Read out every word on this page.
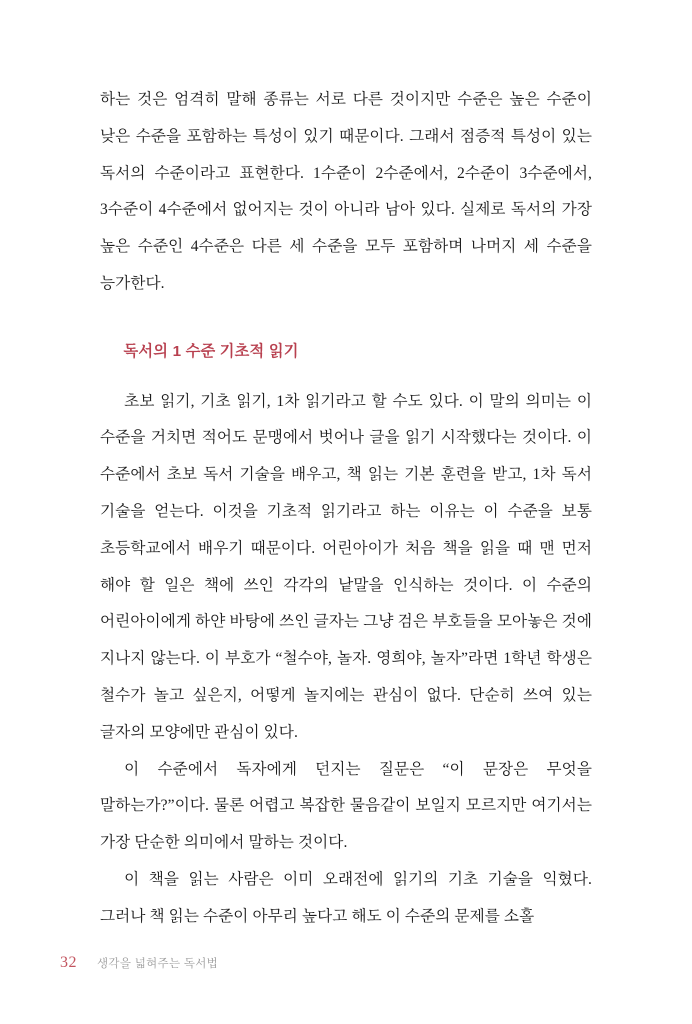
하는 것은 엄격히 말해 종류는 서로 다른 것이지만 수준은 높은 수준이 낮은 수준을 포함하는 특성이 있기 때문이다. 그래서 점증적 특성이 있는 독서의 수준이라고 표현한다. 1수준이 2수준에서, 2수준이 3수준에서, 3수준이 4수준에서 없어지는 것이 아니라 남아 있다. 실제로 독서의 가장 높은 수준인 4수준은 다른 세 수준을 모두 포함하며 나머지 세 수준을 능가한다.

독서의 1 수준 기초적 읽기

초보 읽기, 기초 읽기, 1차 읽기라고 할 수도 있다. 이 말의 의미는 이 수준을 거치면 적어도 문맹에서 벗어나 글을 읽기 시작했다는 것이다. 이 수준에서 초보 독서 기술을 배우고, 책 읽는 기본 훈련을 받고, 1차 독서 기술을 얻는다. 이것을 기초적 읽기라고 하는 이유는 이 수준을 보통 초등학교에서 배우기 때문이다. 어린아이가 처음 책을 읽을 때 맨 먼저 해야 할 일은 책에 쓰인 각각의 낱말을 인식하는 것이다. 이 수준의 어린아이에게 하얀 바탕에 쓰인 글자는 그냥 검은 부호들을 모아놓은 것에 지나지 않는다. 이 부호가 “철수야, 놀자. 영희야, 놀자”라면 1학년 학생은 철수가 놀고 싶은지, 어떻게 놀지에는 관심이 없다. 단순히 쓰여 있는 글자의 모양에만 관심이 있다.

이 수준에서 독자에게 던지는 질문은 “이 문장은 무엇을 말하는가?”이다. 물론 어렵고 복잡한 물음같이 보일지 모르지만 여기서는 가장 단순한 의미에서 말하는 것이다.

이 책을 읽는 사람은 이미 오래전에 읽기의 기초 기술을 익혔다. 그러나 책 읽는 수준이 아무리 높다고 해도 이 수준의 문제를 소홀

32 생각을 넓혀주는 독서법
